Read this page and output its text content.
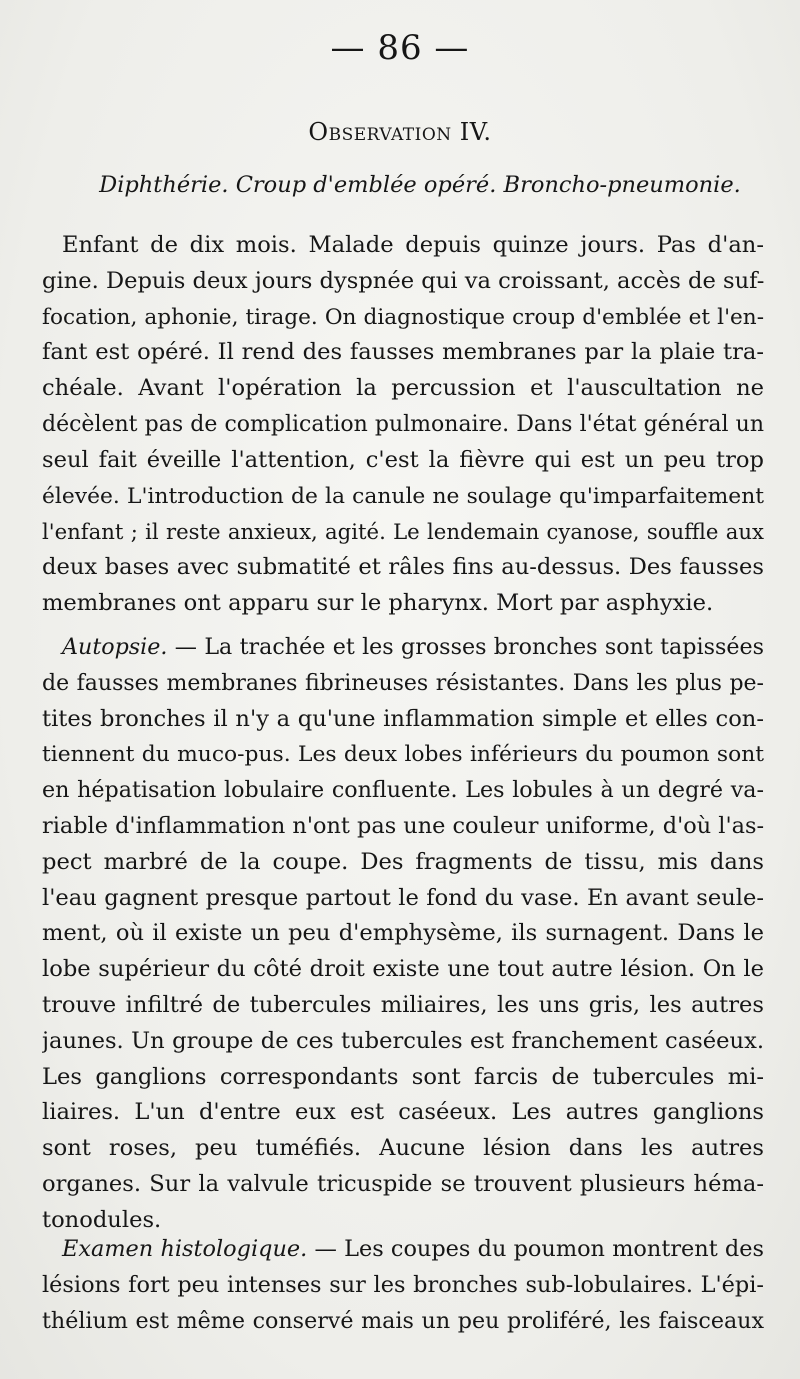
— 86 —
Observation IV.
Diphthérie. Croup d'emblée opéré. Broncho-pneumonie.
Enfant de dix mois. Malade depuis quinze jours. Pas d'an-
gine. Depuis deux jours dyspnée qui va croissant, accès de suf-
focation, aphonie, tirage. On diagnostique croup d'emblée et l'en-
fant est opéré. Il rend des fausses membranes par la plaie tra-
chéale. Avant l'opération la percussion et l'auscultation ne
décèlent pas de complication pulmonaire. Dans l'état général un
seul fait éveille l'attention, c'est la fièvre qui est un peu trop
élevée. L'introduction de la canule ne soulage qu'imparfaitement
l'enfant ; il reste anxieux, agité. Le lendemain cyanose, souffle aux
deux bases avec submatité et râles fins au-dessus. Des fausses
membranes ont apparu sur le pharynx. Mort par asphyxie.
Autopsie. — La trachée et les grosses bronches sont tapissées
de fausses membranes fibrineuses résistantes. Dans les plus pe-
tites bronches il n'y a qu'une inflammation simple et elles con-
tiennent du muco-pus. Les deux lobes inférieurs du poumon sont
en hépatisation lobulaire confluente. Les lobules à un degré va-
riable d'inflammation n'ont pas une couleur uniforme, d'où l'as-
pect marbré de la coupe. Des fragments de tissu, mis dans
l'eau gagnent presque partout le fond du vase. En avant seule-
ment, où il existe un peu d'emphysème, ils surnagent. Dans le
lobe supérieur du côté droit existe une tout autre lésion. On le
trouve infiltré de tubercules miliaires, les uns gris, les autres
jaunes. Un groupe de ces tubercules est franchement caséeux.
Les ganglions correspondants sont farcis de tubercules mi-
liaires. L'un d'entre eux est caséeux. Les autres ganglions
sont roses, peu tuméfiés. Aucune lésion dans les autres
organes. Sur la valvule tricuspide se trouvent plusieurs héma-
tonodules.
Examen histologique. — Les coupes du poumon montrent des
lésions fort peu intenses sur les bronches sub-lobulaires. L'épi-
thélium est même conservé mais un peu proliféré, les faisceaux
